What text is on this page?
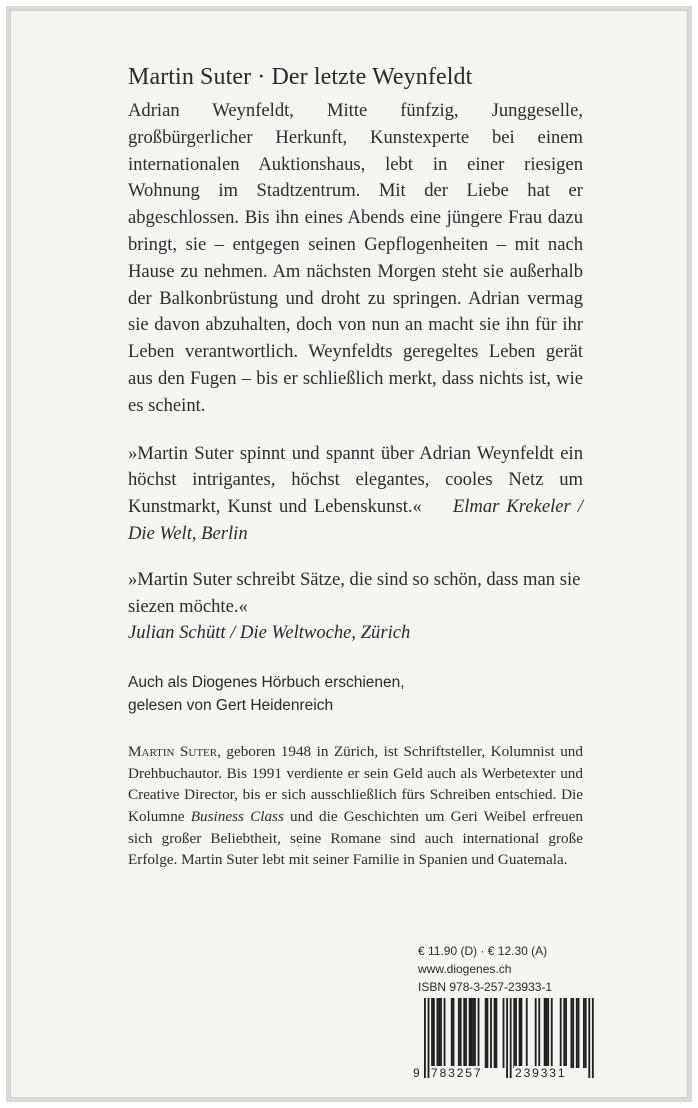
Martin Suter · Der letzte Weynfeldt

Adrian Weynfeldt, Mitte fünfzig, Junggeselle, großbürgerlicher Herkunft, Kunstexperte bei einem internationalen Auktionshaus, lebt in einer riesigen Wohnung im Stadtzentrum. Mit der Liebe hat er abgeschlossen. Bis ihn eines Abends eine jüngere Frau dazu bringt, sie – entgegen seinen Gepflogenheiten – mit nach Hause zu nehmen. Am nächsten Morgen steht sie außerhalb der Balkonbrüstung und droht zu springen. Adrian vermag sie davon abzuhalten, doch von nun an macht sie ihn für ihr Leben verantwortlich. Weynfeldts geregeltes Leben gerät aus den Fugen – bis er schließlich merkt, dass nichts ist, wie es scheint.

»Martin Suter spinnt und spannt über Adrian Weynfeldt ein höchst intrigantes, höchst elegantes, cooles Netz um Kunstmarkt, Kunst und Lebenskunst.« Elmar Krekeler / Die Welt, Berlin
»Martin Suter schreibt Sätze, die sind so schön, dass man sie siezen möchte.«
Julian Schütt / Die Weltwoche, Zürich
Auch als Diogenes Hörbuch erschienen,
gelesen von Gert Heidenreich
Martin Suter, geboren 1948 in Zürich, ist Schriftsteller, Kolumnist und Drehbuchautor. Bis 1991 verdiente er sein Geld auch als Werbetexter und Creative Director, bis er sich ausschließlich fürs Schreiben entschied. Die Kolumne Business Class und die Geschichten um Geri Weibel erfreuen sich großer Beliebtheit, seine Romane sind auch international große Erfolge. Martin Suter lebt mit seiner Familie in Spanien und Guatemala.
€ 11.90 (D) · € 12.30 (A)
www.diogenes.ch
ISBN 978-3-257-23933-1
9 783257	239331
